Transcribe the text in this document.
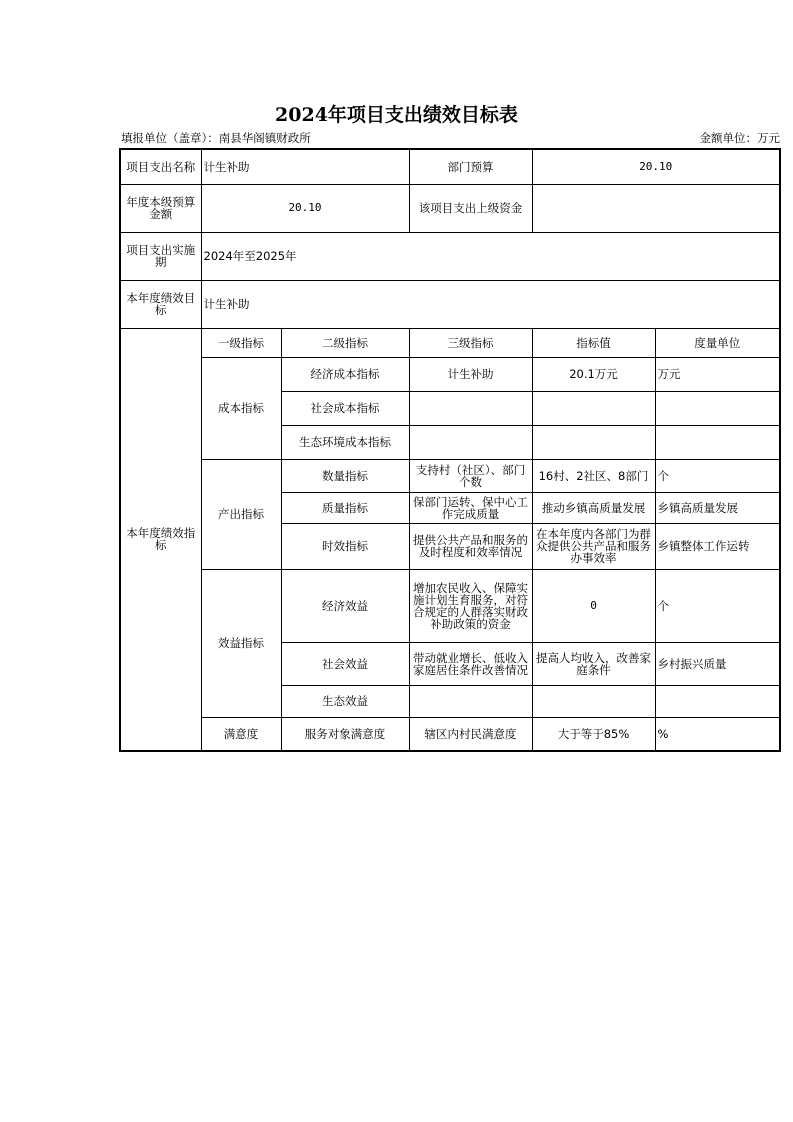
2024年项目支出绩效目标表
填报单位（盖章）：南县华阁镇财政所	金额单位：万元
项目支出名称	计生补助		部门预算	20.10	
年度本级预算金额	20.10		该项目支出上级资金		
项目支出实施期	2024年至2025年				
本年度绩效目标	计生补助				
本年度绩效指标	一级指标	二级指标	三级指标	指标值	度量单位
	成本指标	经济成本指标	计生补助	20.1万元	万元
		社会成本指标			
		生态环境成本指标			
	产出指标	数量指标	支持村（社区）、部门个数	16村、2社区、8部门	个
		质量指标	保部门运转、保中心工作完成质量	推动乡镇高质量发展	乡镇高质量发展
		时效指标	提供公共产品和服务的及时程度和效率情况	在本年度内各部门为群众提供公共产品和服务办事效率	乡镇整体工作运转
	效益指标	经济效益	增加农民收入、保障实施计划生育服务，对符合规定的人群落实财政补助政策的资金	0	个
		社会效益	带动就业增长、低收入家庭居住条件改善情况	提高人均收入，改善家庭条件	乡村振兴质量
		生态效益			
	满意度	服务对象满意度	辖区内村民满意度	大于等于85%	%
